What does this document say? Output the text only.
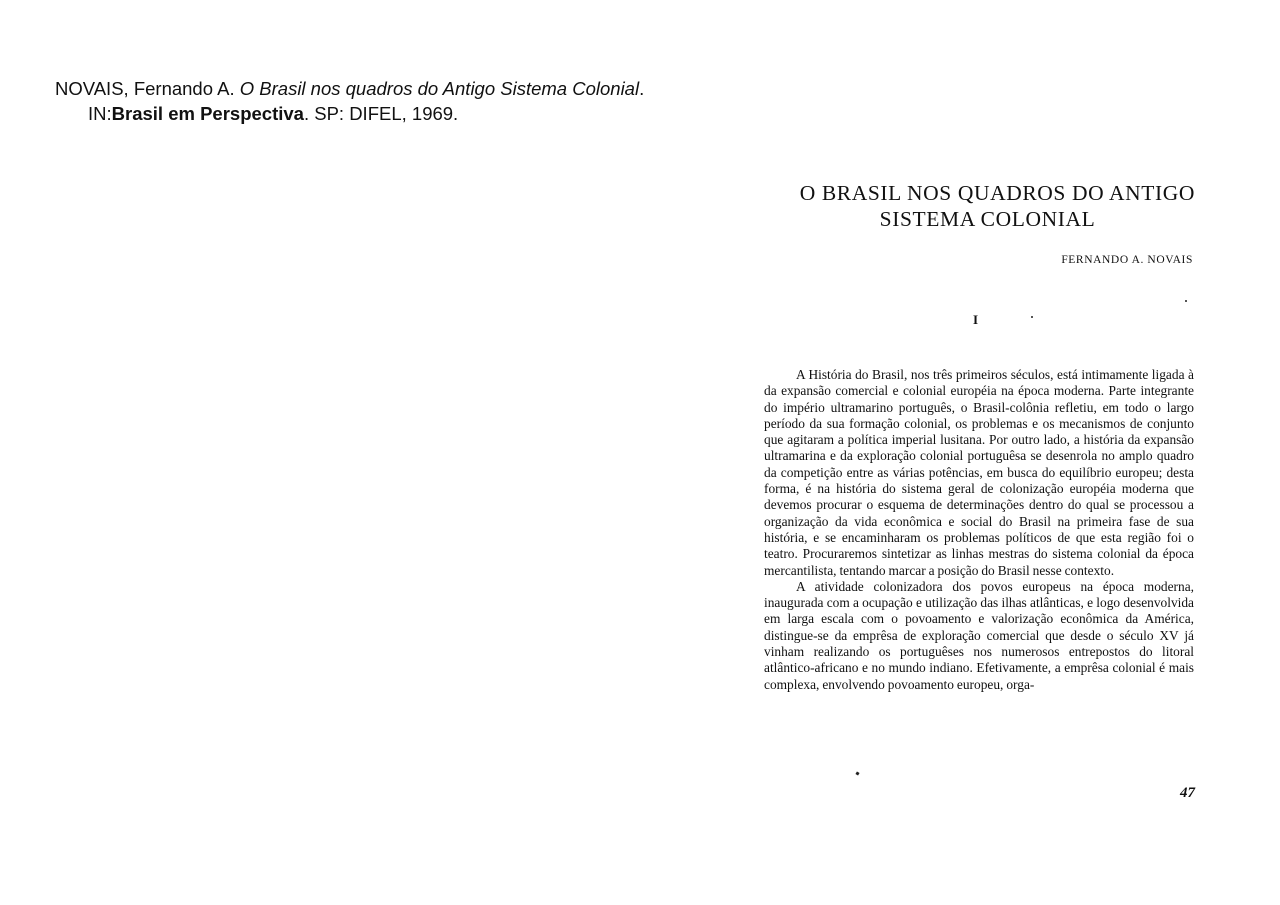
NOVAIS, Fernando A. O Brasil nos quadros do Antigo Sistema Colonial.
IN:Brasil em Perspectiva. SP: DIFEL, 1969.
O BRASIL NOS QUADROS DO ANTIGO
SISTEMA COLONIAL
FERNANDO A. NOVAIS
I

A História do Brasil, nos três primeiros séculos, está intimamente ligada à da expansão comercial e colonial européia na época moderna. Parte integrante do império ultramarino português, o Brasil-colônia refletiu, em todo o largo período da sua formação colonial, os problemas e os mecanismos de conjunto que agitaram a política imperial lusitana. Por outro lado, a história da expansão ultramarina e da exploração colonial portuguêsa se desenrola no amplo quadro da competição entre as várias potências, em busca do equilíbrio europeu; desta forma, é na história do sistema geral de colonização européia moderna que devemos procurar o esquema de determinações dentro do qual se processou a organização da vida econômica e social do Brasil na primeira fase de sua história, e se encaminharam os problemas políticos de que esta região foi o teatro. Procuraremos sintetizar as linhas mestras do sistema colonial da época mercantilista, tentando marcar a posição do Brasil nesse contexto.

A atividade colonizadora dos povos europeus na época moderna, inaugurada com a ocupação e utilização das ilhas atlânticas, e logo desenvolvida em larga escala com o povoamento e valorização econômica da América, distingue-se da emprêsa de exploração comercial que desde o século XV já vinham realizando os portuguêses nos numerosos entrepostos do litoral atlântico-africano e no mundo indiano. Efetivamente, a emprêsa colonial é mais complexa, envolvendo povoamento europeu, orga-

47
